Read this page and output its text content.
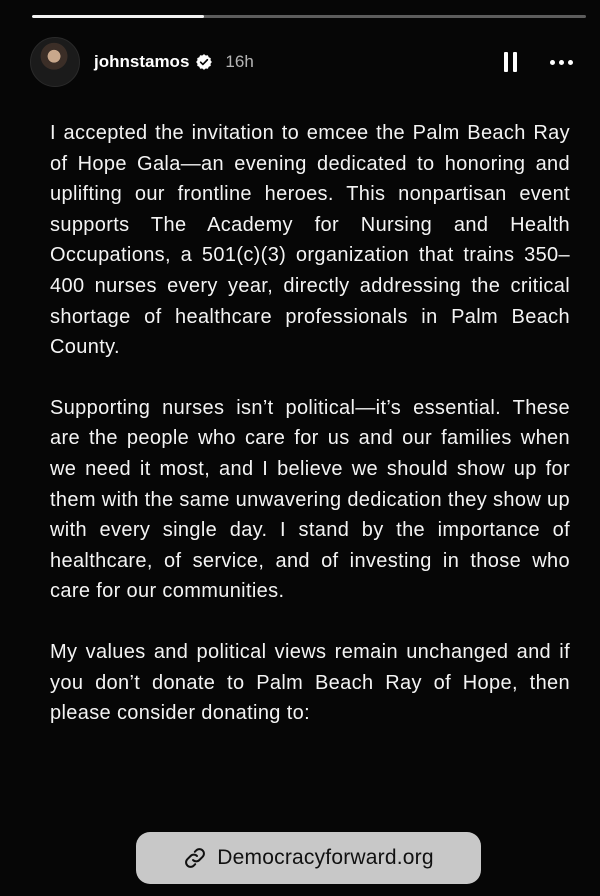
johnstamos 16h

I accepted the invitation to emcee the Palm Beach Ray of Hope Gala—an evening dedicated to honoring and uplifting our frontline heroes. This nonpartisan event supports The Academy for Nursing and Health Occupations, a 501(c)(3) organization that trains 350–400 nurses every year, directly addressing the critical shortage of healthcare professionals in Palm Beach County.

Supporting nurses isn’t political—it’s essential. These are the people who care for us and our families when we need it most, and I believe we should show up for them with the same unwavering dedication they show up with every single day. I stand by the importance of healthcare, of service, and of investing in those who care for our communities.

My values and political views remain unchanged and if you don’t donate to Palm Beach Ray of Hope, then please consider donating to:

Democracyforward.org
